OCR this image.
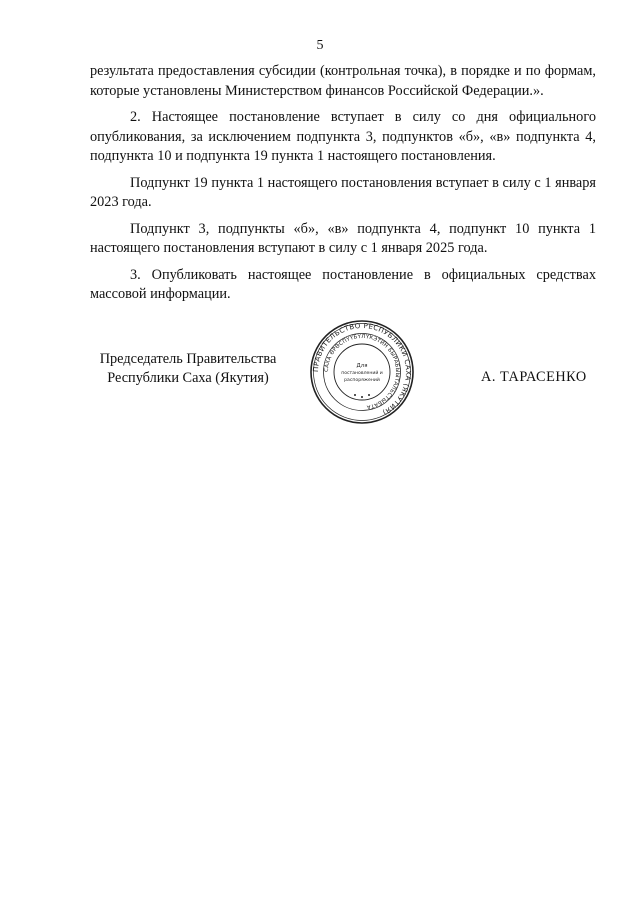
5

результата предоставления субсидии (контрольная точка), в порядке и по формам, которые установлены Министерством финансов Российской Федерации.».

2. Настоящее постановление вступает в силу со дня официального опубликования, за исключением подпункта 3, подпунктов «б», «в» подпункта 4, подпункта 10 и подпункта 19 пункта 1 настоящего постановления.

Подпункт 19 пункта 1 настоящего постановления вступает в силу с 1 января 2023 года.

Подпункт 3, подпункты «б», «в» подпункта 4, подпункт 10 пункта 1 настоящего постановления вступают в силу с 1 января 2025 года.

3. Опубликовать настоящее постановление в официальных средствах массовой информации.

Председатель Правительства
Республики Саха (Якутия)
ПРАВИТЕЛЬСТВО РЕСПУБЛИКИ САХА (ЯКУТИЯ)
САХА ӨРӨСПҮҮБҮЛҮКЭТИН БЫРАБЫЫТАЛЬСТЫБАТА
Для
постановлений и
распоряжений	А. ТАРАСЕНКО
